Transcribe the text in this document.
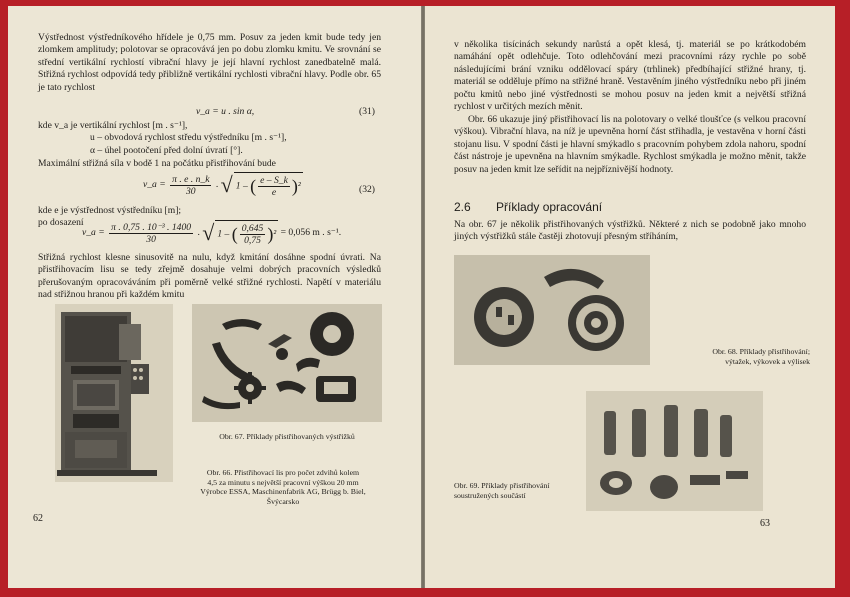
Výstřednost výstředníkového hřídele je 0,75 mm. Posuv za jeden kmit bude tedy jen zlomkem amplitudy; polotovar se opracovává jen po dobu zlomku kmitu. Ve srovnání se střední vertikální rychlostí vibrační hlavy je její hlavní rychlost zanedbatelně malá. Střižná rychlost odpovídá tedy přibližně vertikální rychlosti vibrační hlavy. Podle obr. 65 je tato rychlost

v_a = u . sin α,	(31)

kde v_a je vertikální rychlost [m . s⁻¹],

u – obvodová rychlost středu výstředníku [m . s⁻¹],

α – úhel pootočení před dolní úvratí [°].

Maximální střižná síla v bodě 1 na počátku přistřihování bude

v_a = $\frac{\pi . e . n\_k}{30}$ . √ 1 – ( $\frac{e - S\_k}{e} )^2$	(32)

kde e je výstřednost výstředníku [m];

po dosazení

v_a = $\frac{\text{π . 0,75 . 10⁻³ . 1400}}{30}$ . √ 1 – ( $\frac{0,645}{0,75} )^2 = 0,056$ m . s⁻¹.

Střižná rychlost klesne sinusovitě na nulu, když kmitání dosáhne spodní úvrati. Na přistřihovacím lisu se tedy zřejmě dosahuje velmi dobrých pracovních výsledků přerušovaným opracováváním při poměrně velké střižné rychlosti. Napětí v materiálu nad střižnou hranou při každém kmitu

Obr. 67. Příklady přistřihovaných výstřižků
Obr. 66. Přistřihovací lis pro počet zdvihů kolem
4,5 za minutu s největší pracovní výškou 20 mm
Výrobce ESSA, Maschinenfabrik AG, Brügg b. Biel,
Švýcarsko
62

v několika tisícinách sekundy narůstá a opět klesá, tj. materiál se po krátkodobém namáhání opět odlehčuje. Toto odlehčování mezi pracovními rázy rychle po sobě následujícími brání vzniku oddělovací spáry (trhlinek) předbíhající střižné hrany, tj. materiál se odděluje přímo na střižné hraně. Vestavěním jiného výstředníku nebo při jiném počtu kmitů nebo jiné výstřednosti se mohou posuv na jeden kmit a největší střižná rychlost v určitých mezích měnit.

Obr. 66 ukazuje jiný přistřihovací lis na polotovary o velké tloušťce (s velkou pracovní výškou). Vibrační hlava, na níž je upevněna horní část střihadla, je vestavěna v horní části stojanu lisu. V spodní části je hlavní smýkadlo s pracovním pohybem zdola nahoru, spodní část nástroje je upevněna na hlavním smýkadle. Rychlost smýkadla je možno měnit, takže posuv na jeden kmit lze seřídit na nejpříznivější hodnoty.

2.6 Příklady opracování

Na obr. 67 je několik přistřihovaných výstřižků. Některé z nich se podobně jako mnoho jiných výstřižků stále častěji zhotovují přesným stříháním,

Obr. 68. Příklady přistřihování;
výtažek, výkovek a výlisek
Obr. 69. Příklady přistřihování
soustružených součástí
63
